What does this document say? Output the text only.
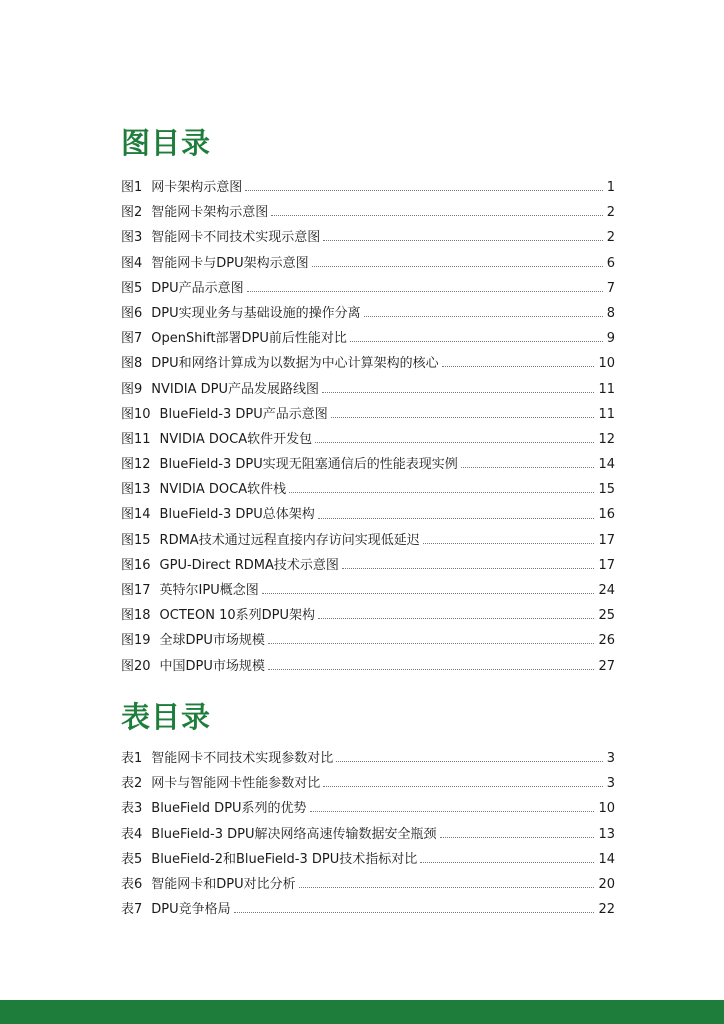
图目录
图1 网卡架构示意图	1
图2 智能网卡架构示意图	2
图3 智能网卡不同技术实现示意图	2
图4 智能网卡与DPU架构示意图	6
图5 DPU产品示意图	7
图6 DPU实现业务与基础设施的操作分离	8
图7 OpenShift部署DPU前后性能对比	9
图8 DPU和网络计算成为以数据为中心计算架构的核心	10
图9 NVIDIA DPU产品发展路线图	11
图10 BlueField-3 DPU产品示意图	11
图11 NVIDIA DOCA软件开发包	12
图12 BlueField-3 DPU实现无阻塞通信后的性能表现实例	14
图13 NVIDIA DOCA软件栈	15
图14 BlueField-3 DPU总体架构	16
图15 RDMA技术通过远程直接内存访问实现低延迟	17
图16 GPU-Direct RDMA技术示意图	17
图17 英特尔IPU概念图	24
图18 OCTEON 10系列DPU架构	25
图19 全球DPU市场规模	26
图20 中国DPU市场规模	27
表目录
表1 智能网卡不同技术实现参数对比	3
表2 网卡与智能网卡性能参数对比	3
表3 BlueField DPU系列的优势	10
表4 BlueField-3 DPU解决网络高速传输数据安全瓶颈	13
表5 BlueField-2和BlueField-3 DPU技术指标对比	14
表6 智能网卡和DPU对比分析	20
表7 DPU竞争格局	22
